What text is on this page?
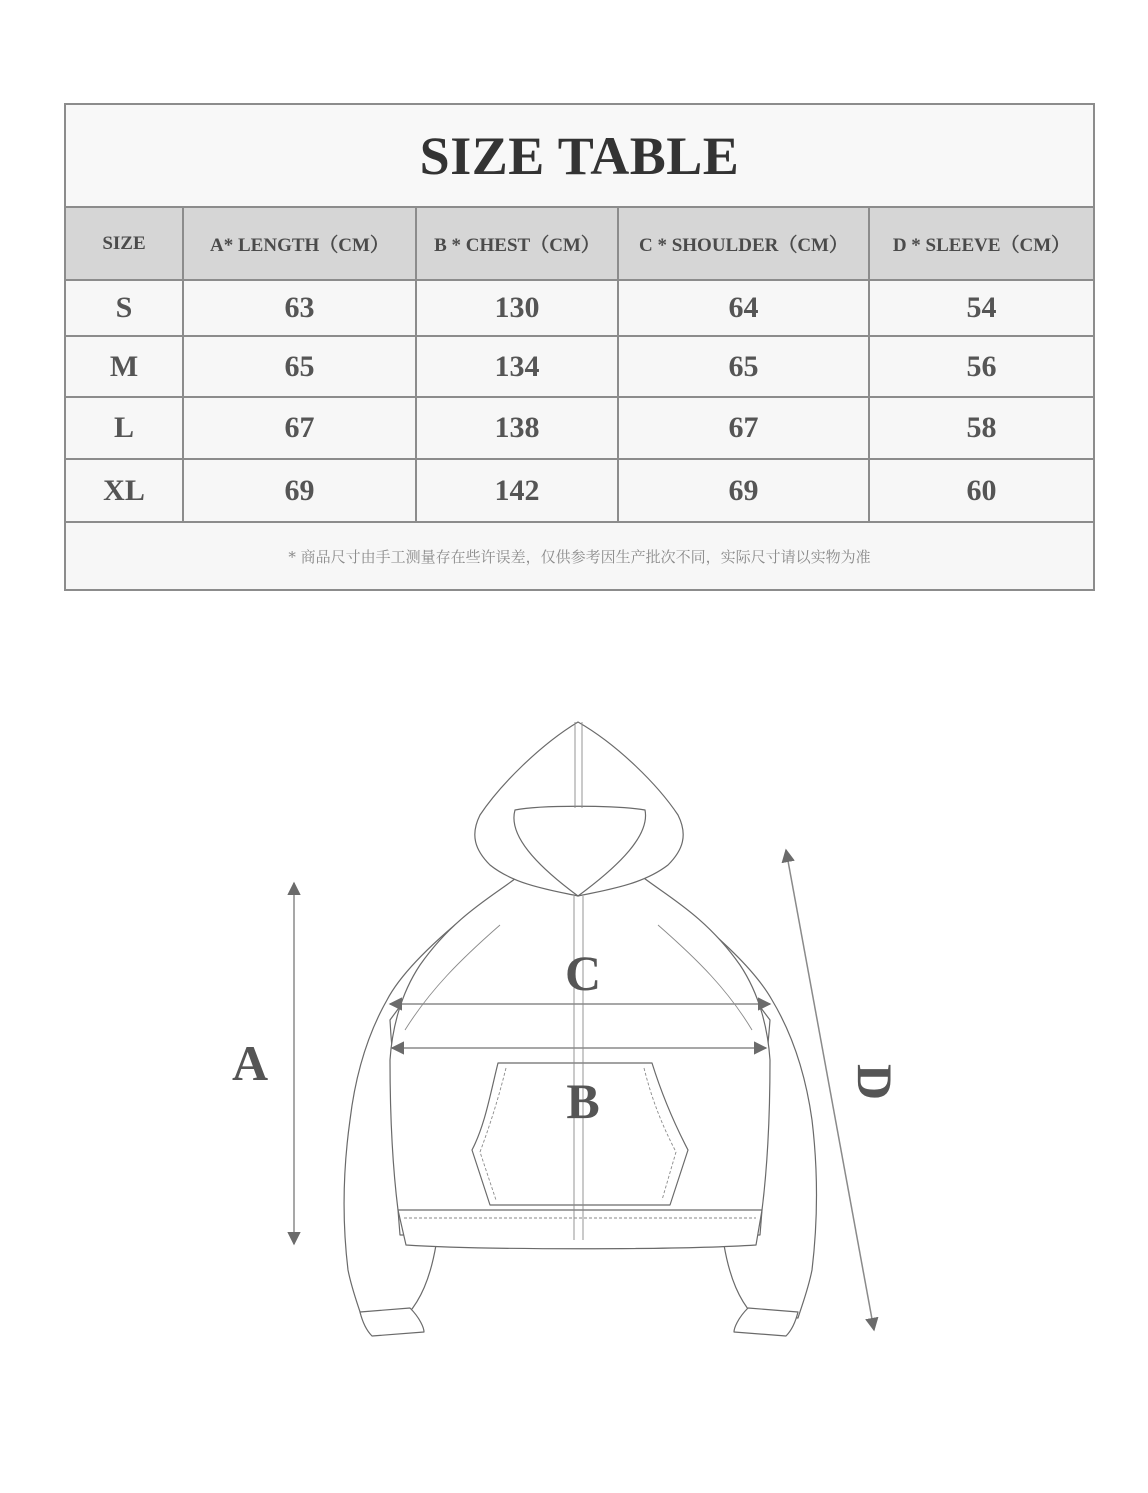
SIZE TABLE
SIZE	A* LENGTH（CM）	B * CHEST（CM）	C * SHOULDER（CM）	D * SLEEVE（CM）
S	63	130	64	54
M	65	134	65	56
L	67	138	67	58
XL	69	142	69	60
* 商品尺寸由手工测量存在些许误差，仅供参考因生产批次不同，实际尺寸请以实物为准
A
C
B	D
